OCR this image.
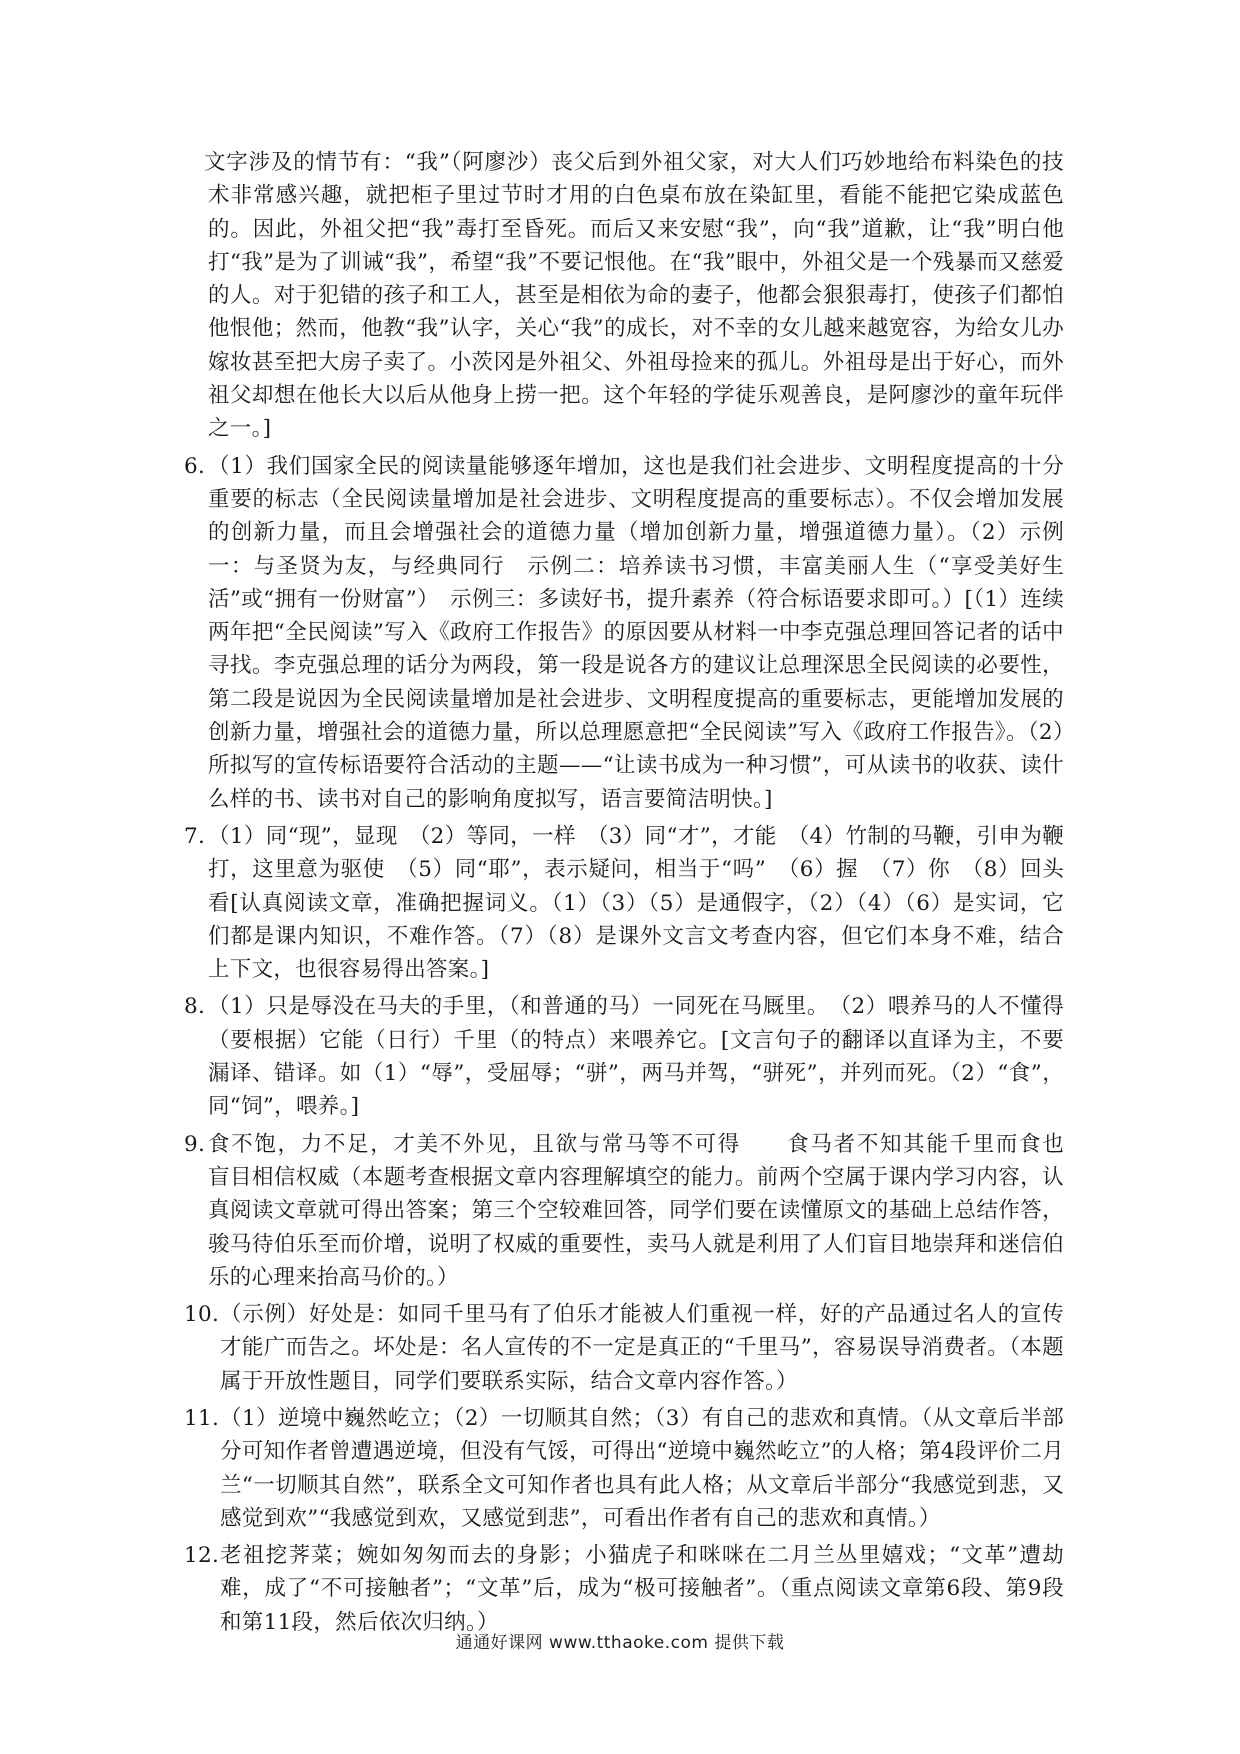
文字涉及的情节有：“我”（阿廖沙）丧父后到外祖父家，对大人们巧妙地给布料染色的技术非常感兴趣，就把柜子里过节时才用的白色桌布放在染缸里，看能不能把它染成蓝色的。因此，外祖父把“我”毒打至昏死。而后又来安慰“我”，向“我”道歉，让“我”明白他打“我”是为了训诫“我”，希望“我”不要记恨他。在“我”眼中，外祖父是一个残暴而又慈爱的人。对于犯错的孩子和工人，甚至是相依为命的妻子，他都会狠狠毒打，使孩子们都怕他恨他；然而，他教“我”认字，关心“我”的成长，对不幸的女儿越来越宽容，为给女儿办嫁妆甚至把大房子卖了。小茨冈是外祖父、外祖母捡来的孤儿。外祖母是出于好心，而外祖父却想在他长大以后从他身上捞一把。这个年轻的学徒乐观善良，是阿廖沙的童年玩伴之一。]

6. （1）我们国家全民的阅读量能够逐年增加，这也是我们社会进步、文明程度提高的十分重要的标志（全民阅读量增加是社会进步、文明程度提高的重要标志）。不仅会增加发展的创新力量，而且会增强社会的道德力量（增加创新力量，增强道德力量）。（2）示例一：与圣贤为友，与经典同行　示例二：培养读书习惯，丰富美丽人生（“享受美好生活”或“拥有一份财富”）　示例三：多读好书，提升素养（符合标语要求即可。）[（1）连续两年把“全民阅读”写入《政府工作报告》的原因要从材料一中李克强总理回答记者的话中寻找。李克强总理的话分为两段，第一段是说各方的建议让总理深思全民阅读的必要性，第二段是说因为全民阅读量增加是社会进步、文明程度提高的重要标志，更能增加发展的创新力量，增强社会的道德力量，所以总理愿意把“全民阅读”写入《政府工作报告》。（2）所拟写的宣传标语要符合活动的主题——“让读书成为一种习惯”，可从读书的收获、读什么样的书、读书对自己的影响角度拟写，语言要简洁明快。]
7. （1）同“现”，显现　（2）等同，一样　（3）同“才”，才能　（4）竹制的马鞭，引申为鞭打，这里意为驱使　（5）同“耶”，表示疑问，相当于“吗”　（6）握　（7）你　（8）回头看[认真阅读文章，准确把握词义。（1）（3）（5）是通假字，（2）（4）（6）是实词，它们都是课内知识，不难作答。（7）（8）是课外文言文考查内容，但它们本身不难，结合上下文，也很容易得出答案。]
8. （1）只是辱没在马夫的手里，（和普通的马）一同死在马厩里。　（2）喂养马的人不懂得（要根据）它能（日行）千里（的特点）来喂养它。[文言句子的翻译以直译为主，不要漏译、错译。如（1）“辱”，受屈辱；“骈”，两马并驾，“骈死”，并列而死。（2）“食”，同“饲”，喂养。]
9. 食不饱，力不足，才美不外见，且欲与常马等不可得　　食马者不知其能千里而食也　　盲目相信权威（本题考查根据文章内容理解填空的能力。前两个空属于课内学习内容，认真阅读文章就可得出答案；第三个空较难回答，同学们要在读懂原文的基础上总结作答，骏马待伯乐至而价增，说明了权威的重要性，卖马人就是利用了人们盲目地崇拜和迷信伯乐的心理来抬高马价的。）
10. （示例）好处是：如同千里马有了伯乐才能被人们重视一样，好的产品通过名人的宣传才能广而告之。坏处是：名人宣传的不一定是真正的“千里马”，容易误导消费者。（本题属于开放性题目，同学们要联系实际，结合文章内容作答。）
11. （1）逆境中巍然屹立；（2）一切顺其自然；（3）有自己的悲欢和真情。（从文章后半部分可知作者曾遭遇逆境，但没有气馁，可得出“逆境中巍然屹立”的人格；第4段评价二月兰“一切顺其自然”，联系全文可知作者也具有此人格；从文章后半部分“我感觉到悲，又感觉到欢”“我感觉到欢，又感觉到悲”，可看出作者有自己的悲欢和真情。）
12. 老祖挖荠菜；婉如匆匆而去的身影；小猫虎子和咪咪在二月兰丛里嬉戏；“文革”遭劫难，成了“不可接触者”；“文革”后，成为“极可接触者”。（重点阅读文章第6段、第9段和第11段，然后依次归纳。）
通通好课网 www.tthaoke.com 提供下载
